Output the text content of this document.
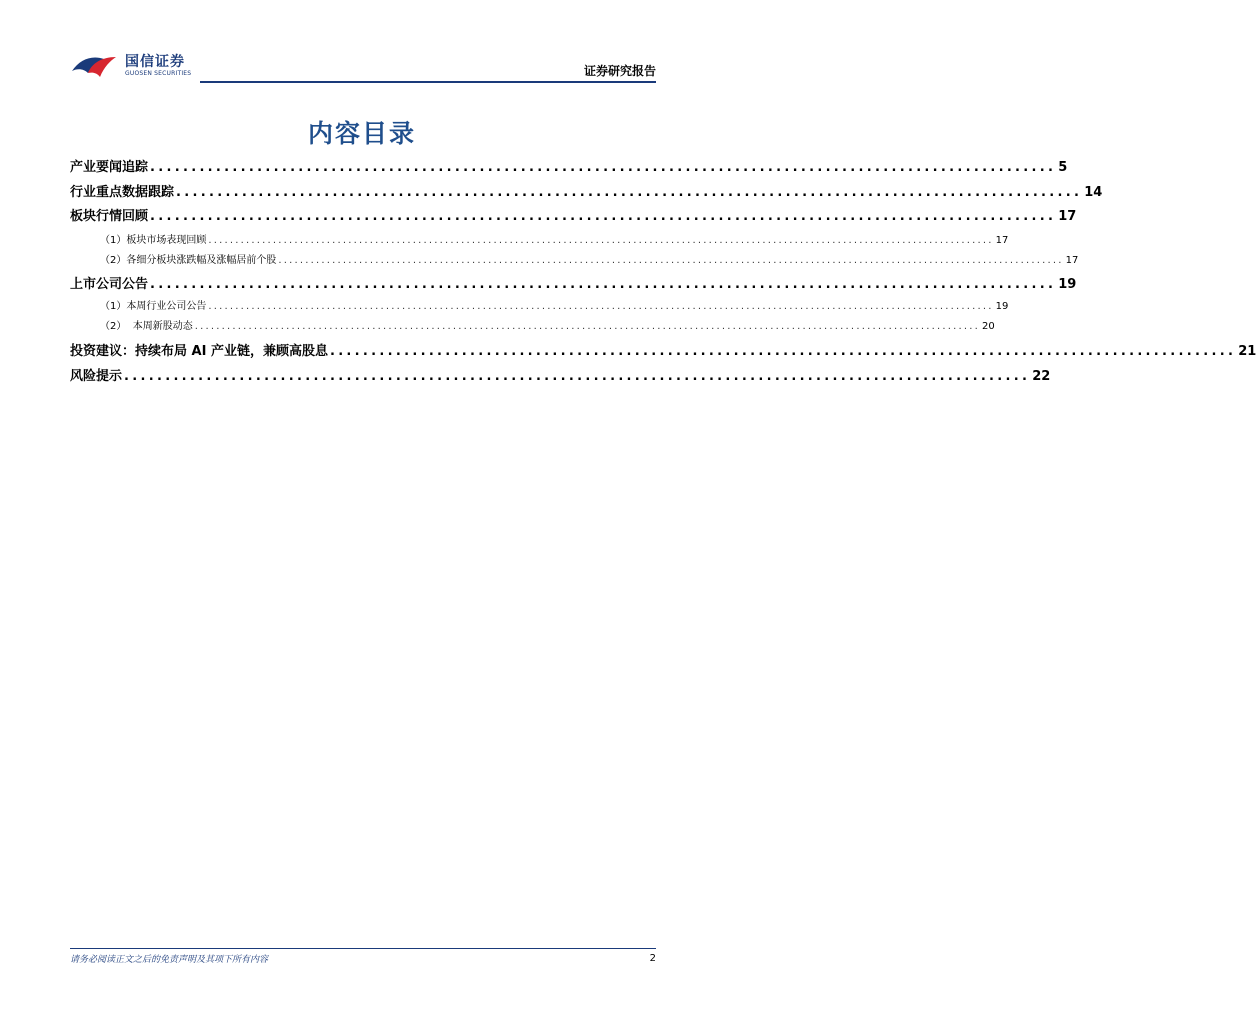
国信证券
GUOSEN SECURITIES	证券研究报告
内容目录
产业要闻追踪 .............................................................................................................. 5
行业重点数据跟踪 .............................................................................................................. 14
板块行情回顾 .............................................................................................................. 17
（1）板块市场表现回顾 .................................................................................................................................................. 17
（2）各细分板块涨跌幅及涨幅居前个股 .................................................................................................................................................. 17
上市公司公告 .............................................................................................................. 19
（1）本周行业公司公告 .................................................................................................................................................. 19
（2）  本周新股动态 .................................................................................................................................................. 20
投资建议：持续布局 AI 产业链，兼顾高股息 .............................................................................................................. 21
风险提示 .............................................................................................................. 22
请务必阅读正文之后的免责声明及其项下所有内容	2
